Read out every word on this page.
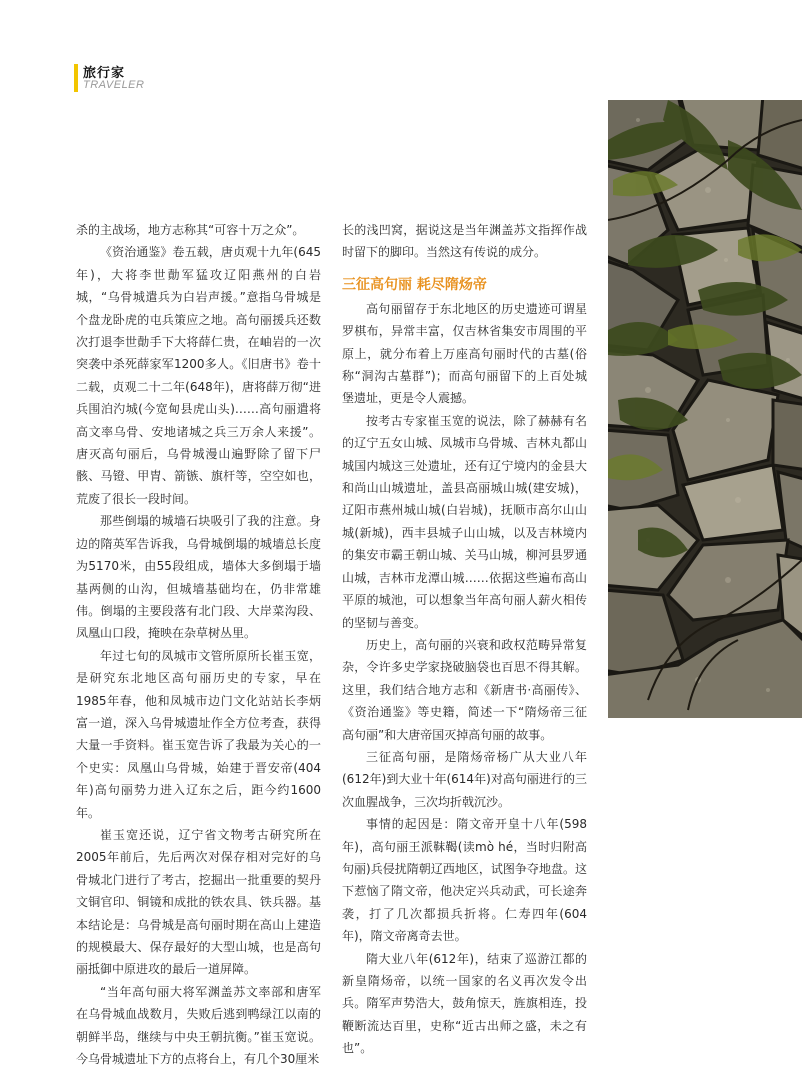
旅行家
TRAVELER

杀的主战场，地方志称其“可容十万之众”。

《资治通鉴》卷五载，唐贞观十九年(645年)，大将李世勣军猛攻辽阳燕州的白岩城，“乌骨城遣兵为白岩声援。”意指乌骨城是个盘龙卧虎的屯兵策应之地。高句丽援兵还数次打退李世勣手下大将薛仁贵，在岫岩的一次突袭中杀死薛家军1200多人。《旧唐书》卷十二载，贞观二十二年(648年)，唐将薛万彻“进兵围泊汋城(今宽甸县虎山头)……高句丽遣将高文率乌骨、安地诸城之兵三万余人来援”。唐灭高句丽后，乌骨城漫山遍野除了留下尸骸、马镫、甲胄、箭镞、旗杆等，空空如也，荒废了很长一段时间。

那些倒塌的城墙石块吸引了我的注意。身边的隋英军告诉我，乌骨城倒塌的城墙总长度为5170米，由55段组成，墙体大多倒塌于墙基两侧的山沟，但城墙基础均在，仍非常雄伟。倒塌的主要段落有北门段、大岸菜沟段、凤凰山口段，掩映在杂草树丛里。

年过七旬的凤城市文管所原所长崔玉宽，是研究东北地区高句丽历史的专家，早在1985年春，他和凤城市边门文化站站长李炳富一道，深入乌骨城遗址作全方位考查，获得大量一手资料。崔玉宽告诉了我最为关心的一个史实：凤凰山乌骨城，始建于晋安帝(404年)高句丽势力进入辽东之后，距今约1600年。

崔玉宽还说，辽宁省文物考古研究所在2005年前后，先后两次对保存相对完好的乌骨城北门进行了考古，挖掘出一批重要的契丹文铜官印、铜镜和成批的铁农具、铁兵器。基本结论是：乌骨城是高句丽时期在高山上建造的规模最大、保存最好的大型山城，也是高句丽抵御中原进攻的最后一道屏障。

“当年高句丽大将军渊盖苏文率部和唐军在乌骨城血战数月，失败后逃到鸭绿江以南的朝鲜半岛，继续与中央王朝抗衡。”崔玉宽说。今乌骨城遗址下方的点将台上，有几个30厘米

长的浅凹窝，据说这是当年渊盖苏文指挥作战时留下的脚印。当然这有传说的成分。

三征高句丽 耗尽隋炀帝

高句丽留存于东北地区的历史遗迹可谓星罗棋布，异常丰富，仅吉林省集安市周围的平原上，就分布着上万座高句丽时代的古墓(俗称“洞沟古墓群”)；而高句丽留下的上百处城堡遗址，更是令人震撼。

按考古专家崔玉宽的说法，除了赫赫有名的辽宁五女山城、凤城市乌骨城、吉林丸都山城国内城这三处遗址，还有辽宁境内的金县大和尚山山城遗址，盖县高丽城山城(建安城)，辽阳市燕州城山城(白岩城)，抚顺市高尔山山城(新城)，西丰县城子山山城，以及吉林境内的集安市霸王朝山城、关马山城，柳河县罗通山城，吉林市龙潭山城……依据这些遍布高山平原的城池，可以想象当年高句丽人薪火相传的坚韧与善变。

历史上，高句丽的兴衰和政权范畴异常复杂，令许多史学家挠破脑袋也百思不得其解。这里，我们结合地方志和《新唐书·高丽传》、《资治通鉴》等史籍，简述一下“隋炀帝三征高句丽”和大唐帝国灭掉高句丽的故事。

三征高句丽，是隋炀帝杨广从大业八年(612年)到大业十年(614年)对高句丽进行的三次血腥战争，三次均折戟沉沙。

事情的起因是：隋文帝开皇十八年(598年)，高句丽王派靺鞨(读mò hé，当时归附高句丽)兵侵扰隋朝辽西地区，试图争夺地盘。这下惹恼了隋文帝，他决定兴兵动武，可长途奔袭，打了几次都损兵折将。仁寿四年(604年)，隋文帝离奇去世。

隋大业八年(612年)，结束了巡游江都的新皇隋炀帝，以统一国家的名义再次发令出兵。隋军声势浩大，鼓角惊天，旌旗相连，投鞭断流达百里，史称“近古出师之盛，未之有也”。
